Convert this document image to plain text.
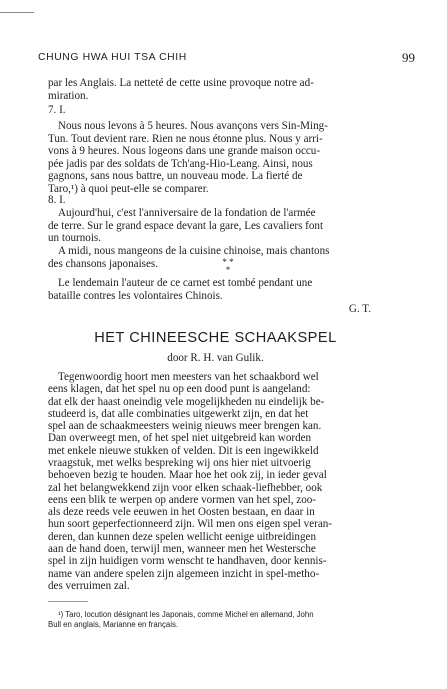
CHUNG HWA HUI TSA CHIH	99

par les Anglais. La netteté de cette usine provoque notre ad-

miration.

7. I.

Nous nous levons à 5 heures. Nous avançons vers Sin-Ming-

Tun. Tout devient rare. Rien ne nous étonne plus. Nous y arri-

vons à 9 heures. Nous logeons dans une grande maison occu-

pée jadis par des soldats de Tch'ang-Hio-Leang. Ainsi, nous

gagnons, sans nous battre, un nouveau mode. La fierté de

Taro,¹) à quoi peut-elle se comparer.

8. I.

Aujourd'hui, c'est l'anniversaire de la fondation de l'armée

de terre. Sur le grand espace devant la gare, Les cavaliers font

un tournois.

A midi, nous mangeons de la cuisine chinoise, mais chantons

des chansons japonaises.	* *
*

Le lendemain l'auteur de ce carnet est tombé pendant une

bataille contres les volontaires Chinois.

G. T.
HET CHINEESCHE SCHAAKSPEL
door R. H. van Gulik.

Tegenwoordig hoort men meesters van het schaakbord wel

eens klagen, dat het spel nu op een dood punt is aangeland:

dat elk der haast oneindig vele mogelijkheden nu eindelijk be-

studeerd is, dat alle combinaties uitgewerkt zijn, en dat het

spel aan de schaakmeesters weinig nieuws meer brengen kan.

Dan overweegt men, of het spel niet uitgebreid kan worden

met enkele nieuwe stukken of velden. Dit is een ingewikkeld

vraagstuk, met welks bespreking wij ons hier niet uitvoerig

behoeven bezig te houden. Maar hoe het ook zij, in ieder geval

zal het belangwekkend zijn voor elken schaak-liefhebber, ook

eens een blik te werpen op andere vormen van het spel, zoo-

als deze reeds vele eeuwen in het Oosten bestaan, en daar in

hun soort geperfectionneerd zijn. Wil men ons eigen spel veran-

deren, dan kunnen deze spelen wellicht eenige uitbreidingen

aan de hand doen, terwijl men, wanneer men het Westersche

spel in zijn huidigen vorm wenscht te handhaven, door kennis-

name van andere spelen zijn algemeen inzicht in spel-metho-

des verruimen zal.

¹) Taro, locution désignant les Japonais, comme Michel en allemand, John

Bull en anglais, Marianne en français.
